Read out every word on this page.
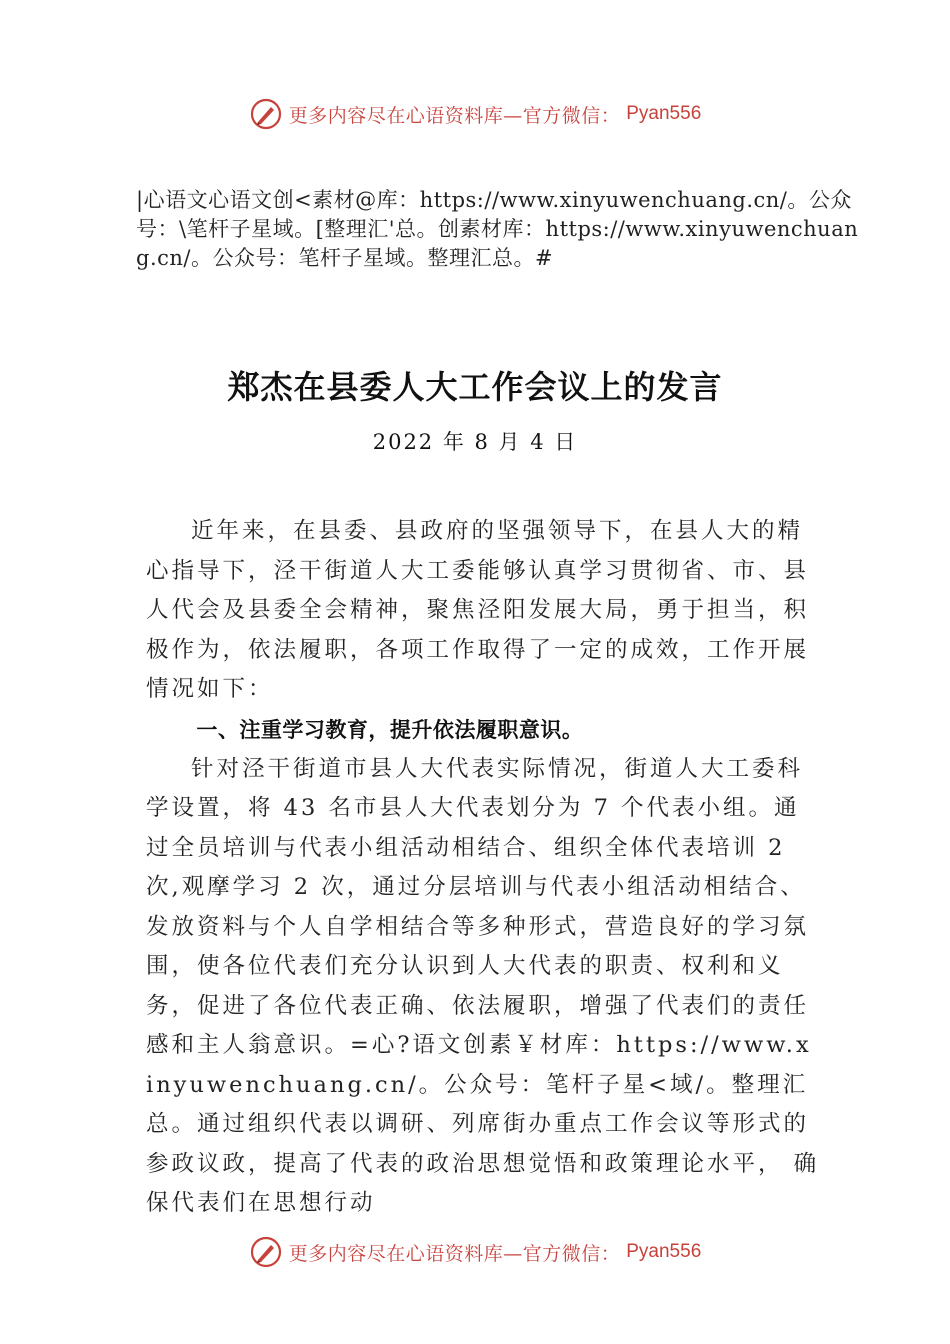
更多内容尽在心语资料库—官方微信： Pyan556
|心语文心语文创<素材@库：https://www.xinyuwenchuang.cn/。公众号：\笔杆子星域。[整理汇'总。创素材库：https://www.xinyuwenchuang.cn/。公众号：笔杆子星域。整理汇总。#
郑杰在县委人大工作会议上的发言
2022 年 8 月 4 日

近年来，在县委、县政府的坚强领导下，在县人大的精心指导下，泾干街道人大工委能够认真学习贯彻省、市、县人代会及县委全会精神，聚焦泾阳发展大局，勇于担当，积极作为，依法履职，各项工作取得了一定的成效，工作开展情况如下：

一、注重学习教育，提升依法履职意识。

针对泾干街道市县人大代表实际情况，街道人大工委科学设置，将 43 名市县人大代表划分为 7 个代表小组。通过全员培训与代表小组活动相结合、组织全体代表培训 2 次,观摩学习 2 次，通过分层培训与代表小组活动相结合、发放资料与个人自学相结合等多种形式，营造良好的学习氛围，使各位代表们充分认识到人大代表的职责、权利和义务，促进了各位代表正确、依法履职，增强了代表们的责任感和主人翁意识。=心?语文创素￥材库：https://www.xinyuwenchuang.cn/。公众号：笔杆子星<域/。整理汇总。通过组织代表以调研、列席街办重点工作会议等形式的参政议政，提高了代表的政治思想觉悟和政策理论水平， 确保代表们在思想行动

更多内容尽在心语资料库—官方微信： Pyan556
